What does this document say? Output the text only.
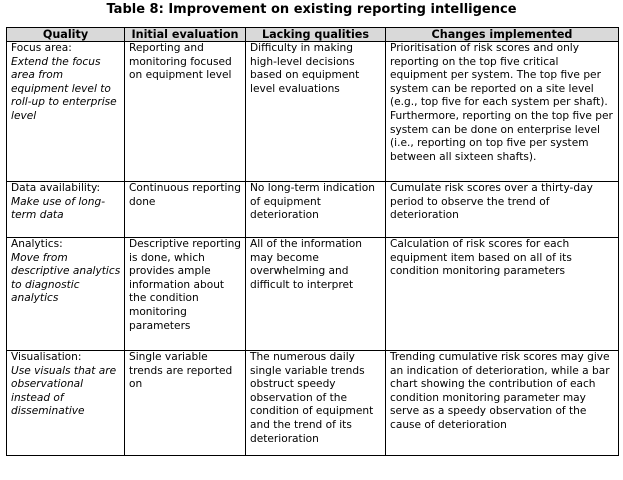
Table 8: Improvement on existing reporting intelligence
Quality	Initial evaluation	Lacking qualities	Changes implemented

Focus area:
Extend the focus area from equipment level to roll-up to enterprise level	Reporting and monitoring focused on equipment level	Difficulty in making high-level decisions based on equipment level evaluations	Prioritisation of risk scores and only reporting on the top five critical equipment per system. The top five per system can be reported on a site level (e.g., top five for each system per shaft). Furthermore, reporting on the top five per system can be done on enterprise level (i.e., reporting on top five per system between all sixteen shafts).

Data availability:
Make use of long-term data	Continuous reporting done	No long-term indication of equipment deterioration	Cumulate risk scores over a thirty-day period to observe the trend of deterioration

Analytics:
Move from descriptive analytics to diagnostic analytics	Descriptive reporting is done, which provides ample information about the condition monitoring parameters	All of the information may become overwhelming and difficult to interpret	Calculation of risk scores for each equipment item based on all of its condition monitoring parameters

Visualisation:
Use visuals that are observational instead of disseminative	Single variable trends are reported on	The numerous daily single variable trends obstruct speedy observation of the condition of equipment and the trend of its deterioration	Trending cumulative risk scores may give an indication of deterioration, while a bar chart showing the contribution of each condition monitoring parameter may serve as a speedy observation of the cause of deterioration
